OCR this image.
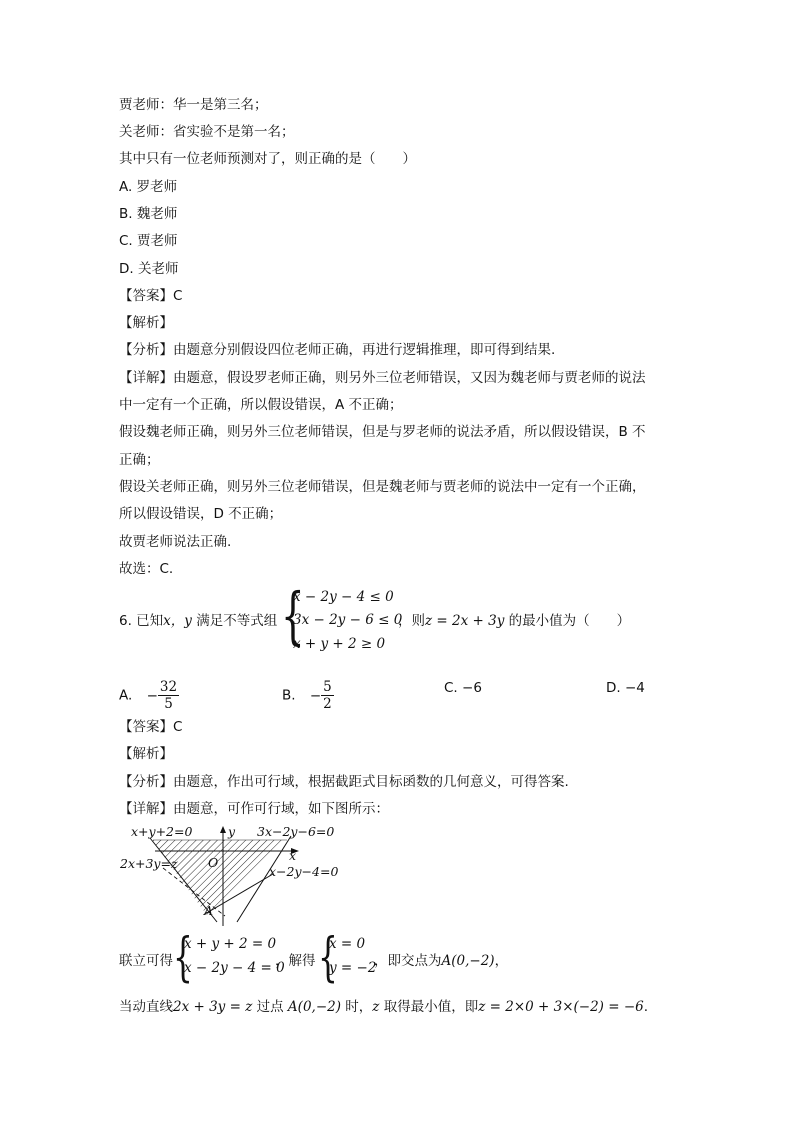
贾老师：华一是第三名；
关老师：省实验不是第一名；
其中只有一位老师预测对了，则正确的是（　　）
A. 罗老师
B. 魏老师
C. 贾老师
D. 关老师
【答案】C
【解析】
【分析】由题意分别假设四位老师正确，再进行逻辑推理，即可得到结果.
【详解】由题意，假设罗老师正确，则另外三位老师错误，又因为魏老师与贾老师的说法
中一定有一个正确，所以假设错误，A 不正确；
假设魏老师正确，则另外三位老师错误，但是与罗老师的说法矛盾，所以假设错误，B 不
正确；
假设关老师正确，则另外三位老师错误，但是魏老师与贾老师的说法中一定有一个正确，
所以假设错误，D 不正确；
故贾老师说法正确.
故选：C.
6. 已知x，y 满足不等式组 {
x − 2y − 4 ≤ 0
3x − 2y − 6 ≤ 0
x + y + 2 ≥ 0
，则z = 2x + 3y 的最小值为（　　）
A. − $\frac{32}{5}$	B. − $\frac{5}{2}$	C. −6	D. −4
【答案】C
【解析】
【分析】由题意，作出可行域，根据截距式目标函数的几何意义，可得答案.
【详解】由题意，可作可行域，如下图所示：
x+y+2=0	y 3x−2y−6=0
x
O
2x+3y=z
x−2y−4=0
A
联立可得 {
x + y + 2 = 0
x − 2y − 4 = 0
，解得 {
x = 0
y = −2
，即交点为A(0,−2)，
当动直线2x + 3y = z 过点 A(0,−2) 时，z 取得最小值，即z = 2×0 + 3×(−2) = −6.
